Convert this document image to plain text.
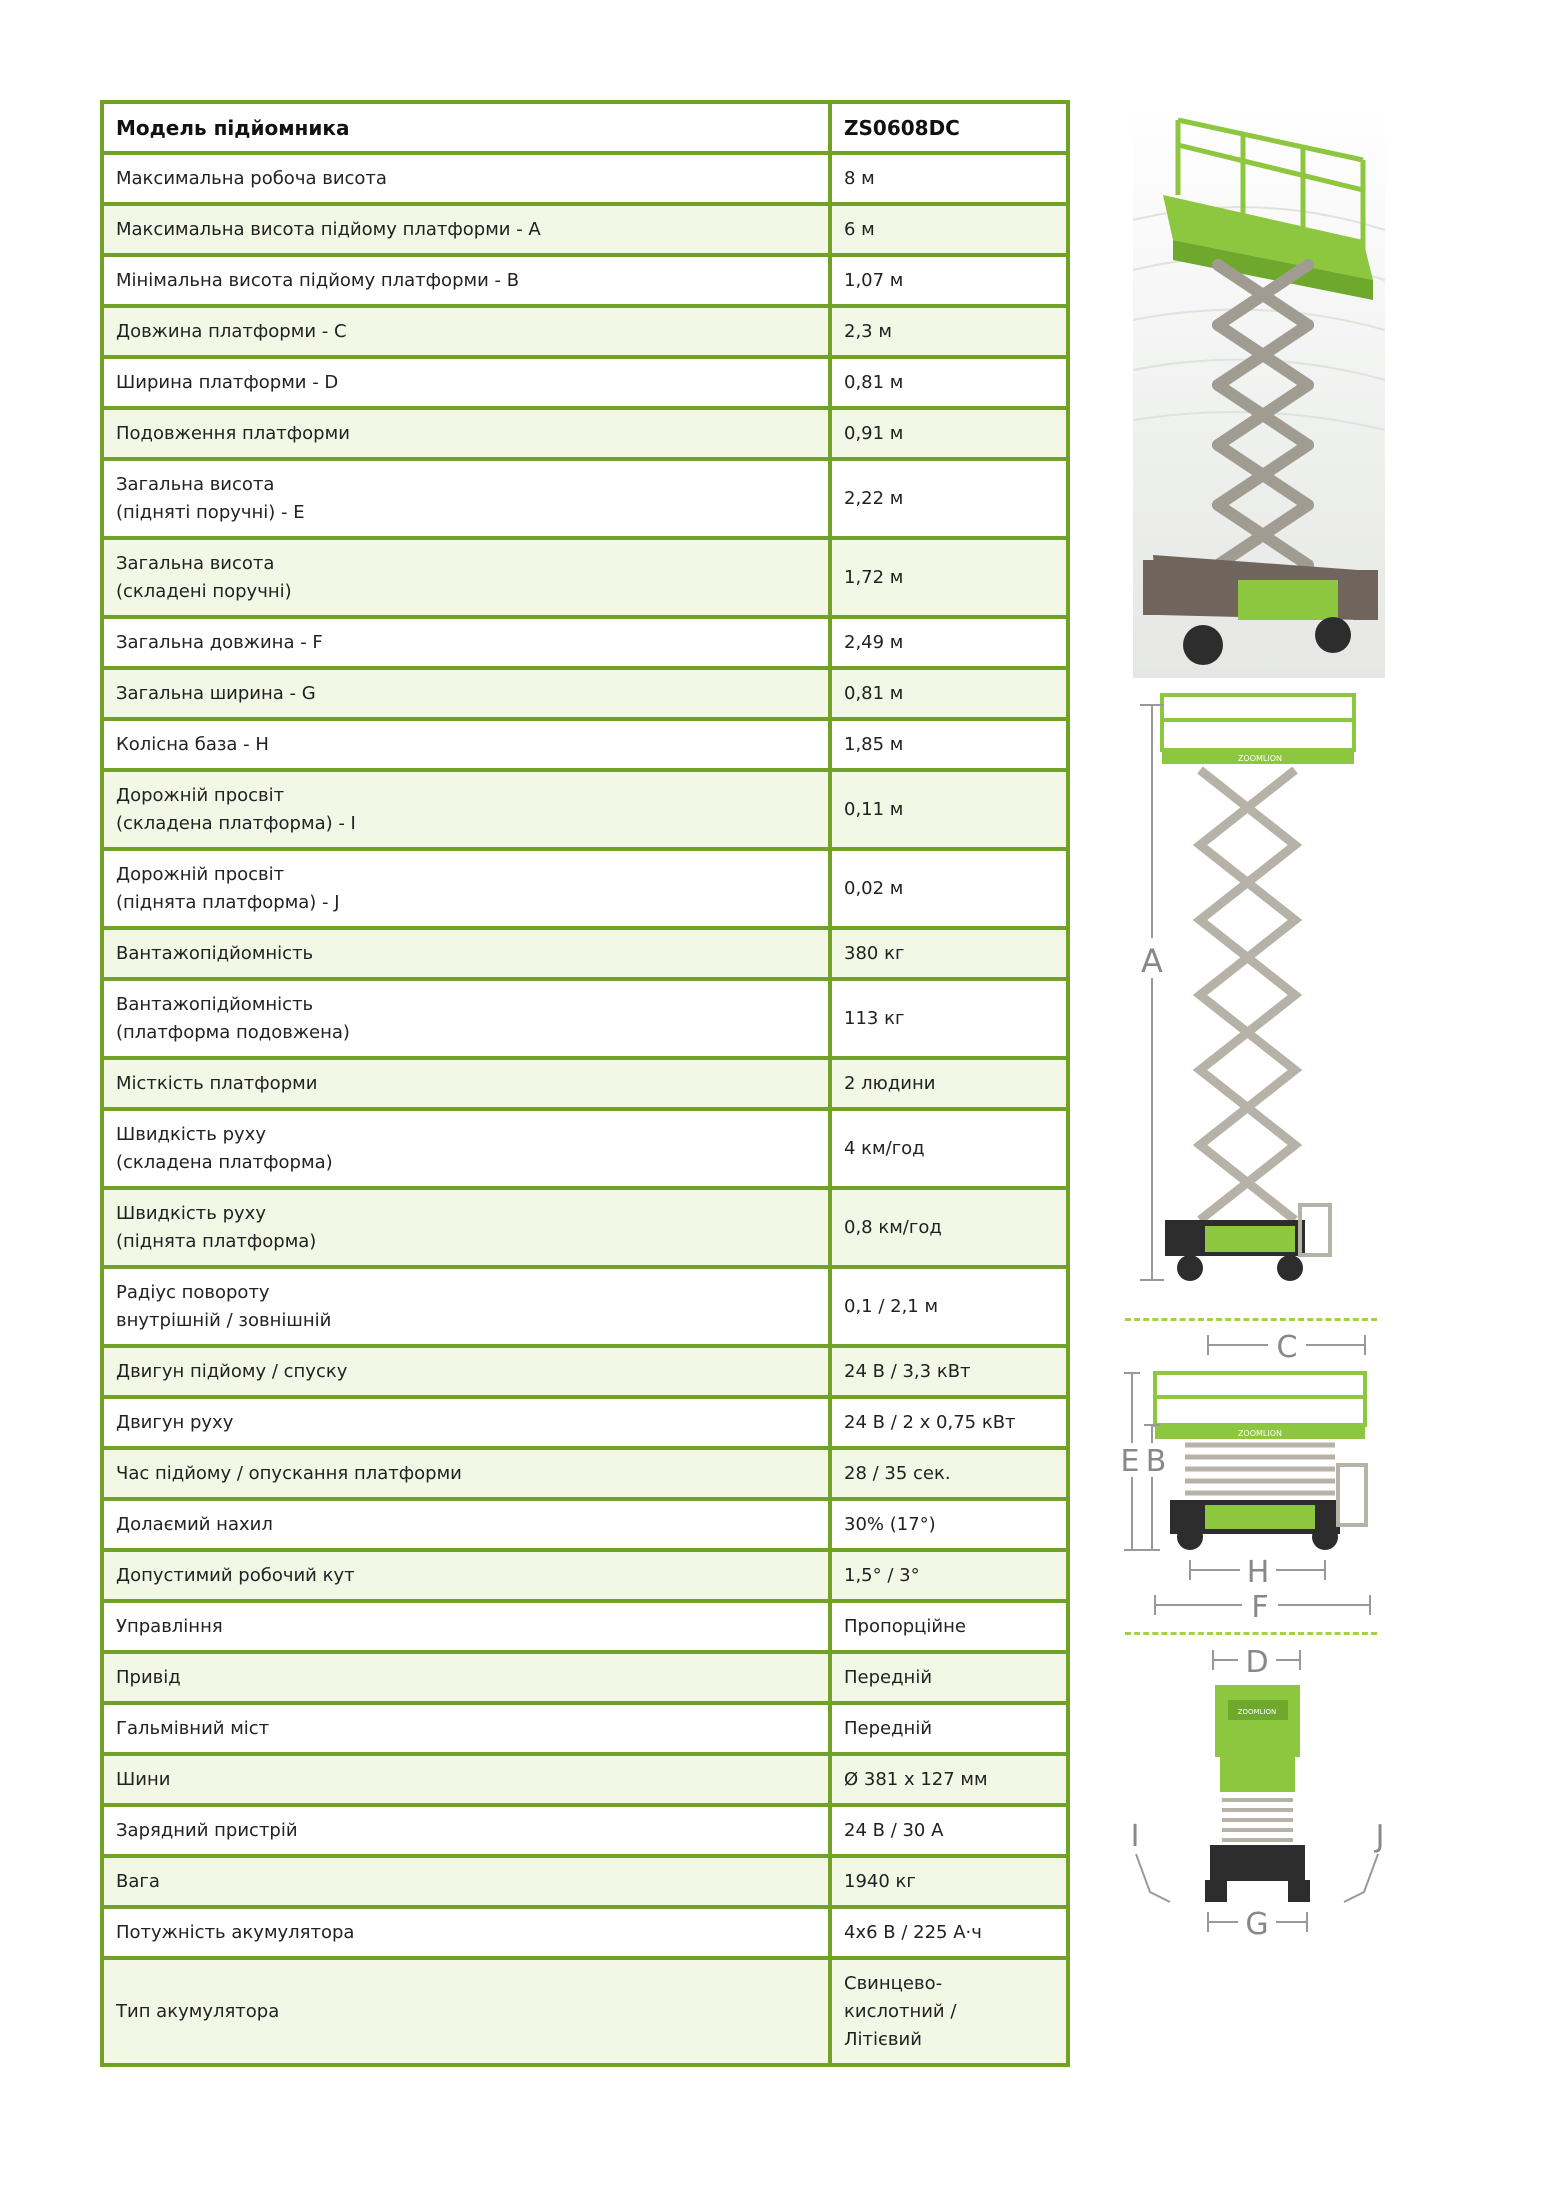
Модель підйомника	ZS0608DC
Максимальна робоча висота	8 м
Максимальна висота підйому платформи - A	6 м
Мінімальна висота підйому платформи - B	1,07 м
Довжина платформи - C	2,3 м
Ширина платформи - D	0,81 м
Подовження платформи	0,91 м
Загальна висота
(підняті поручні) - E	2,22 м
Загальна висота
(складені поручні)	1,72 м
Загальна довжина - F	2,49 м
Загальна ширина - G	0,81 м
Колісна база - H	1,85 м
Дорожній просвіт
(складена платформа) - I	0,11 м
Дорожній просвіт
(піднята платформа) - J	0,02 м
Вантажопідйомність	380 кг
Вантажопідйомність
(платформа подовжена)	113 кг
Місткість платформи	2 людини
Швидкість руху
(складена платформа)	4 км/год
Швидкість руху
(піднята платформа)	0,8 км/год
Радіус повороту
внутрішній / зовнішній	0,1 / 2,1 м
Двигун підйому / спуску	24 В / 3,3 кВт
Двигун руху	24 В / 2 х 0,75 кВт
Час підйому / опускання платформи	28 / 35 сек.
Долаємий нахил	30% (17°)
Допустимий робочий кут	1,5° / 3°
Управління	Пропорційне
Привід	Передній
Гальмівний міст	Передній
Шини	Ø 381 х 127 мм
Зарядний пристрій	24 В / 30 А
Вага	1940 кг
Потужність акумулятора	4х6 В / 225 А·ч
Тип акумулятора	Свинцево-
кислотний /
Літієвий
ZOOMLION
A
C
ZOOMLION
E B
H
F
D
ZOOMLION
I	J
G
